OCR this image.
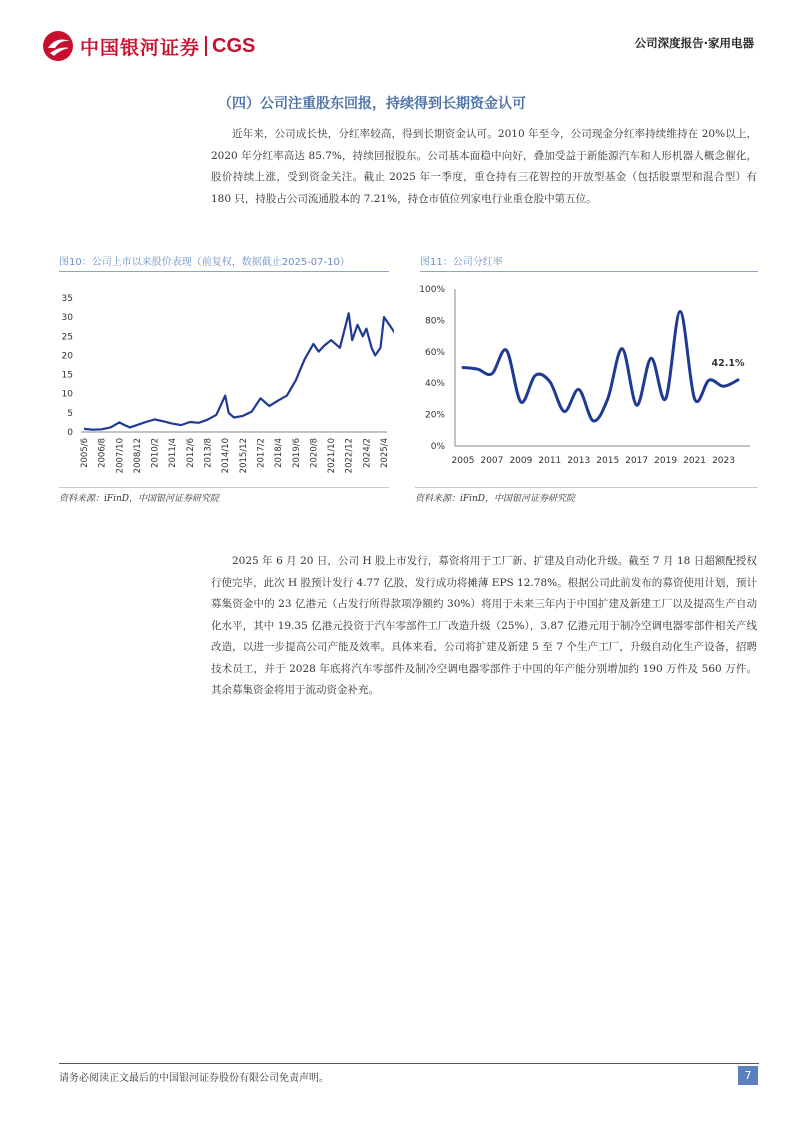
中国银河证券 CGS	公司深度报告·家用电器
（四）公司注重股东回报，持续得到长期资金认可

近年来，公司成长快，分红率较高，得到长期资金认可。2010 年至今，公司现金分红率持续维持在 20%以上，2020 年分红率高达 85.7%，持续回报股东。公司基本面稳中向好，叠加受益于新能源汽车和人形机器人概念催化，股价持续上涨，受到资金关注。截止 2025 年一季度，重仓持有三花智控的开放型基金（包括股票型和混合型）有 180 只，持股占公司流通股本的 7.21%，持仓市值位列家电行业重仓股中第五位。

图10：公司上市以来股价表现（前复权，数据截止2025-07-10）	图11：公司分红率
0
5
10
15
20
25
30
35
2005/6 2006/8 2007/10 2008/12 2010/2 2011/4 2012/6 2013/8 2014/10 2015/12 2017/2 2018/4 2019/6 2020/8 2021/10 2022/12 2024/2 2025/4	0%
20%
40%
60%
80%
100%
2005 2007 2009 2011 2013 2015 2017 2019 2021 2023
42.1%
资料来源：iFinD，中国银河证券研究院	资料来源：iFinD，中国银河证券研究院

2025 年 6 月 20 日，公司 H 股上市发行，募资将用于工厂新、扩建及自动化升级。截至 7 月 18 日超额配授权行使完毕，此次 H 股预计发行 4.77 亿股，发行成功将摊薄 EPS 12.78%。根据公司此前发布的募资使用计划，预计募集资金中的 23 亿港元（占发行所得款项净额约 30%）将用于未来三年内于中国扩建及新建工厂以及提高生产自动化水平，其中 19.35 亿港元投资于汽车零部件工厂改造升级（25%），3.87 亿港元用于制冷空调电器零部件相关产线改造，以进一步提高公司产能及效率。具体来看，公司将扩建及新建 5 至 7 个生产工厂，升级自动化生产设备，招聘技术员工，并于 2028 年底将汽车零部件及制冷空调电器零部件于中国的年产能分别增加约 190 万件及 560 万件。其余募集资金将用于流动资金补充。

请务必阅读正文最后的中国银河证券股份有限公司免责声明。	7
